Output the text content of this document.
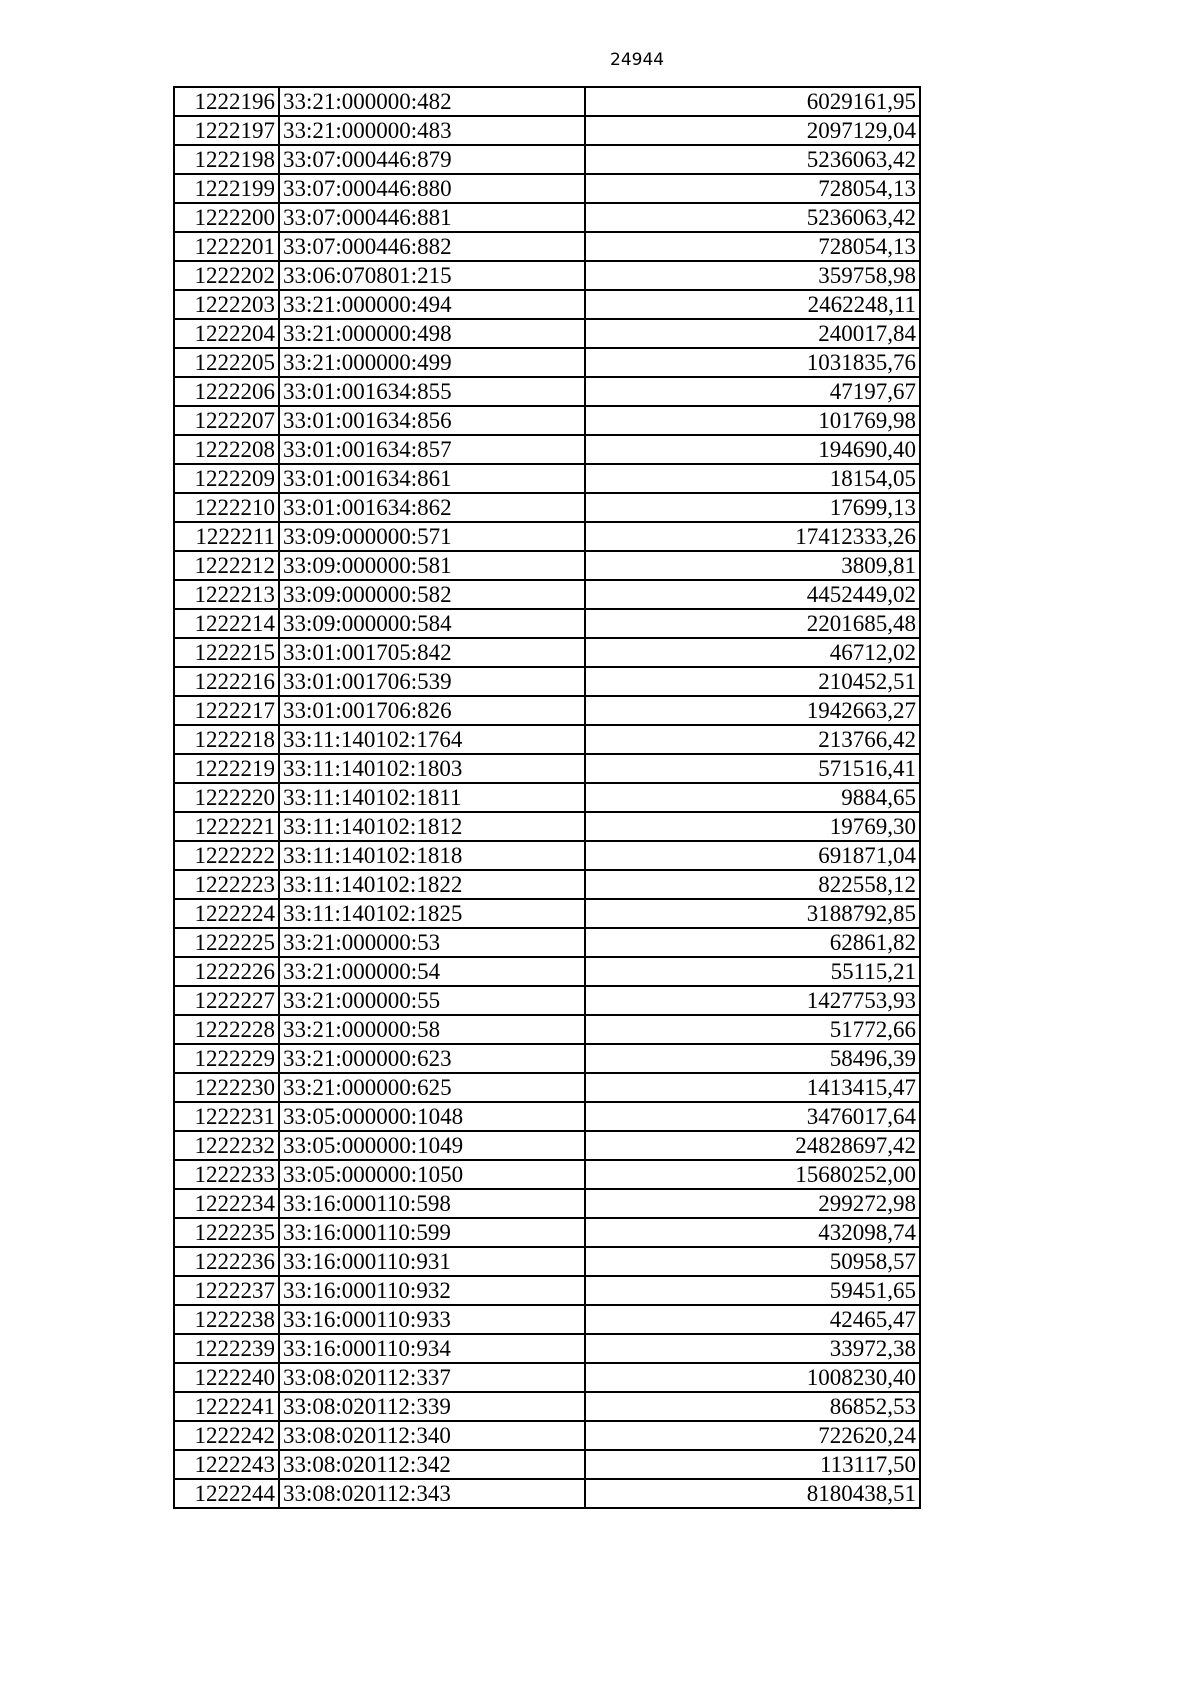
24944
1222196	33:21:000000:482	6029161,95
1222197	33:21:000000:483	2097129,04
1222198	33:07:000446:879	5236063,42
1222199	33:07:000446:880	728054,13
1222200	33:07:000446:881	5236063,42
1222201	33:07:000446:882	728054,13
1222202	33:06:070801:215	359758,98
1222203	33:21:000000:494	2462248,11
1222204	33:21:000000:498	240017,84
1222205	33:21:000000:499	1031835,76
1222206	33:01:001634:855	47197,67
1222207	33:01:001634:856	101769,98
1222208	33:01:001634:857	194690,40
1222209	33:01:001634:861	18154,05
1222210	33:01:001634:862	17699,13
1222211	33:09:000000:571	17412333,26
1222212	33:09:000000:581	3809,81
1222213	33:09:000000:582	4452449,02
1222214	33:09:000000:584	2201685,48
1222215	33:01:001705:842	46712,02
1222216	33:01:001706:539	210452,51
1222217	33:01:001706:826	1942663,27
1222218	33:11:140102:1764	213766,42
1222219	33:11:140102:1803	571516,41
1222220	33:11:140102:1811	9884,65
1222221	33:11:140102:1812	19769,30
1222222	33:11:140102:1818	691871,04
1222223	33:11:140102:1822	822558,12
1222224	33:11:140102:1825	3188792,85
1222225	33:21:000000:53	62861,82
1222226	33:21:000000:54	55115,21
1222227	33:21:000000:55	1427753,93
1222228	33:21:000000:58	51772,66
1222229	33:21:000000:623	58496,39
1222230	33:21:000000:625	1413415,47
1222231	33:05:000000:1048	3476017,64
1222232	33:05:000000:1049	24828697,42
1222233	33:05:000000:1050	15680252,00
1222234	33:16:000110:598	299272,98
1222235	33:16:000110:599	432098,74
1222236	33:16:000110:931	50958,57
1222237	33:16:000110:932	59451,65
1222238	33:16:000110:933	42465,47
1222239	33:16:000110:934	33972,38
1222240	33:08:020112:337	1008230,40
1222241	33:08:020112:339	86852,53
1222242	33:08:020112:340	722620,24
1222243	33:08:020112:342	113117,50
1222244	33:08:020112:343	8180438,51
